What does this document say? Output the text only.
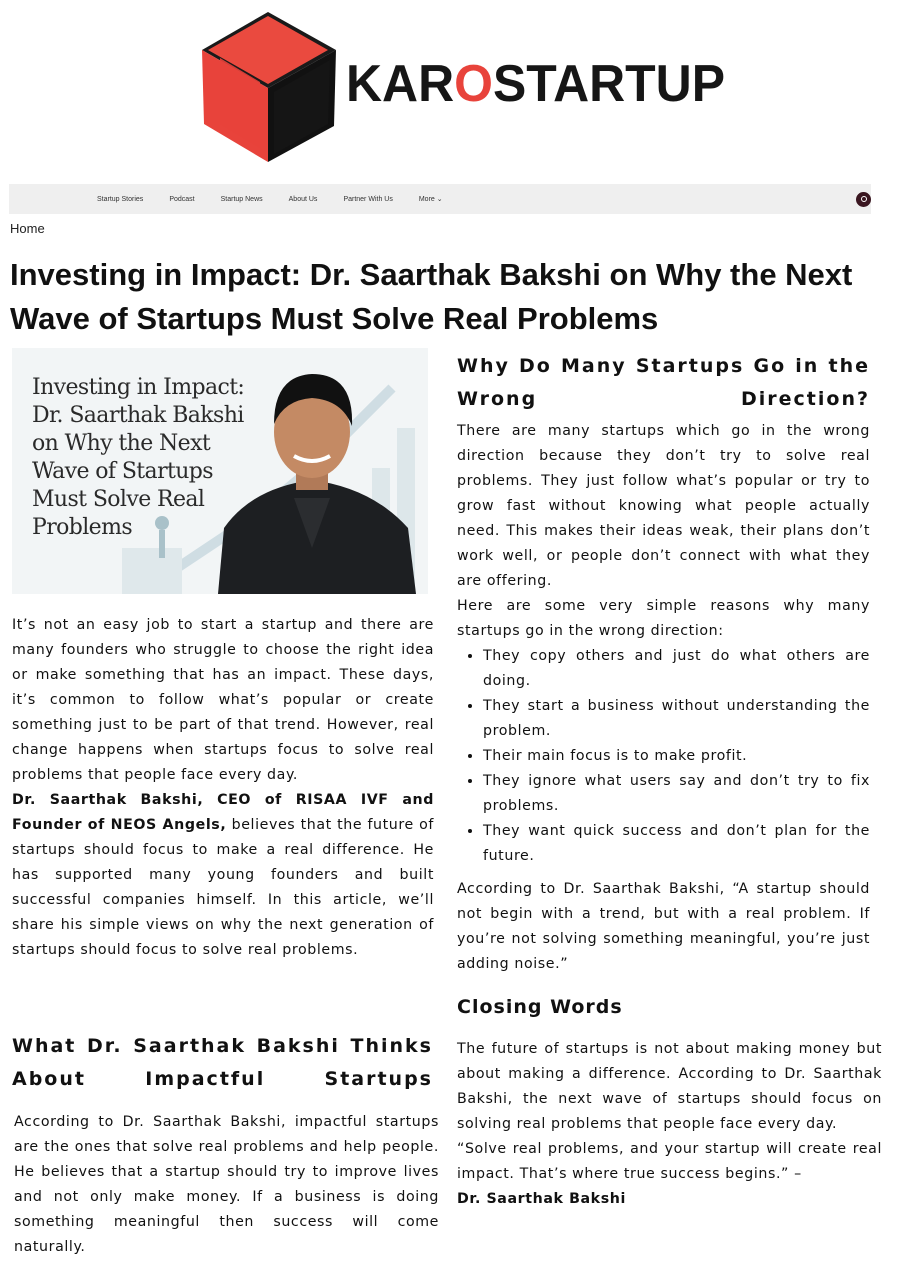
KAROSTARTUP
Startup Stories	Podcast	Startup News	About Us	Partner With Us	More ⌄
Home
Investing in Impact: Dr. Saarthak Bakshi on Why the Next Wave of Startups Must Solve Real Problems
Investing in Impact: Dr. Saarthak Bakshi on Why the Next Wave of Startups Must Solve Real Problems

It’s not an easy job to start a startup and there are many founders who struggle to choose the right idea or make something that has an impact. These days, it’s common to follow what’s popular or create something just to be part of that trend. However, real change happens when startups focus to solve real problems that people face every day.

Dr. Saarthak Bakshi, CEO of RISAA IVF and Founder of NEOS Angels, believes that the future of startups should focus to make a real difference. He has supported many young founders and built successful companies himself. In this article, we’ll share his simple views on why the next generation of startups should focus to solve real problems.

What Dr. Saarthak Bakshi Thinks About Impactful Startups
According to Dr. Saarthak Bakshi, impactful startups are the ones that solve real problems and help people. He believes that a startup should try to improve lives and not only make money. If a business is doing something meaningful then success will come naturally.
Why Do Many Startups Go in the Wrong Direction?

There are many startups which go in the wrong direction because they don’t try to solve real problems. They just follow what’s popular or try to grow fast without knowing what people actually need. This makes their ideas weak, their plans don’t work well, or people don’t connect with what they are offering.

Here are some very simple reasons why many startups go in the wrong direction:

• They copy others and just do what others are doing.
• They start a business without understanding the problem.
• Their main focus is to make profit.
• They ignore what users say and don’t try to fix problems.
• They want quick success and don’t plan for the future.
According to Dr. Saarthak Bakshi, “A startup should not begin with a trend, but with a real problem. If you’re not solving something meaningful, you’re just adding noise.”
Closing Words

The future of startups is not about making money but about making a difference. According to Dr. Saarthak Bakshi, the next wave of startups should focus on solving real problems that people face every day.

“Solve real problems, and your startup will create real impact. That’s where true success begins.” –
Dr. Saarthak Bakshi
